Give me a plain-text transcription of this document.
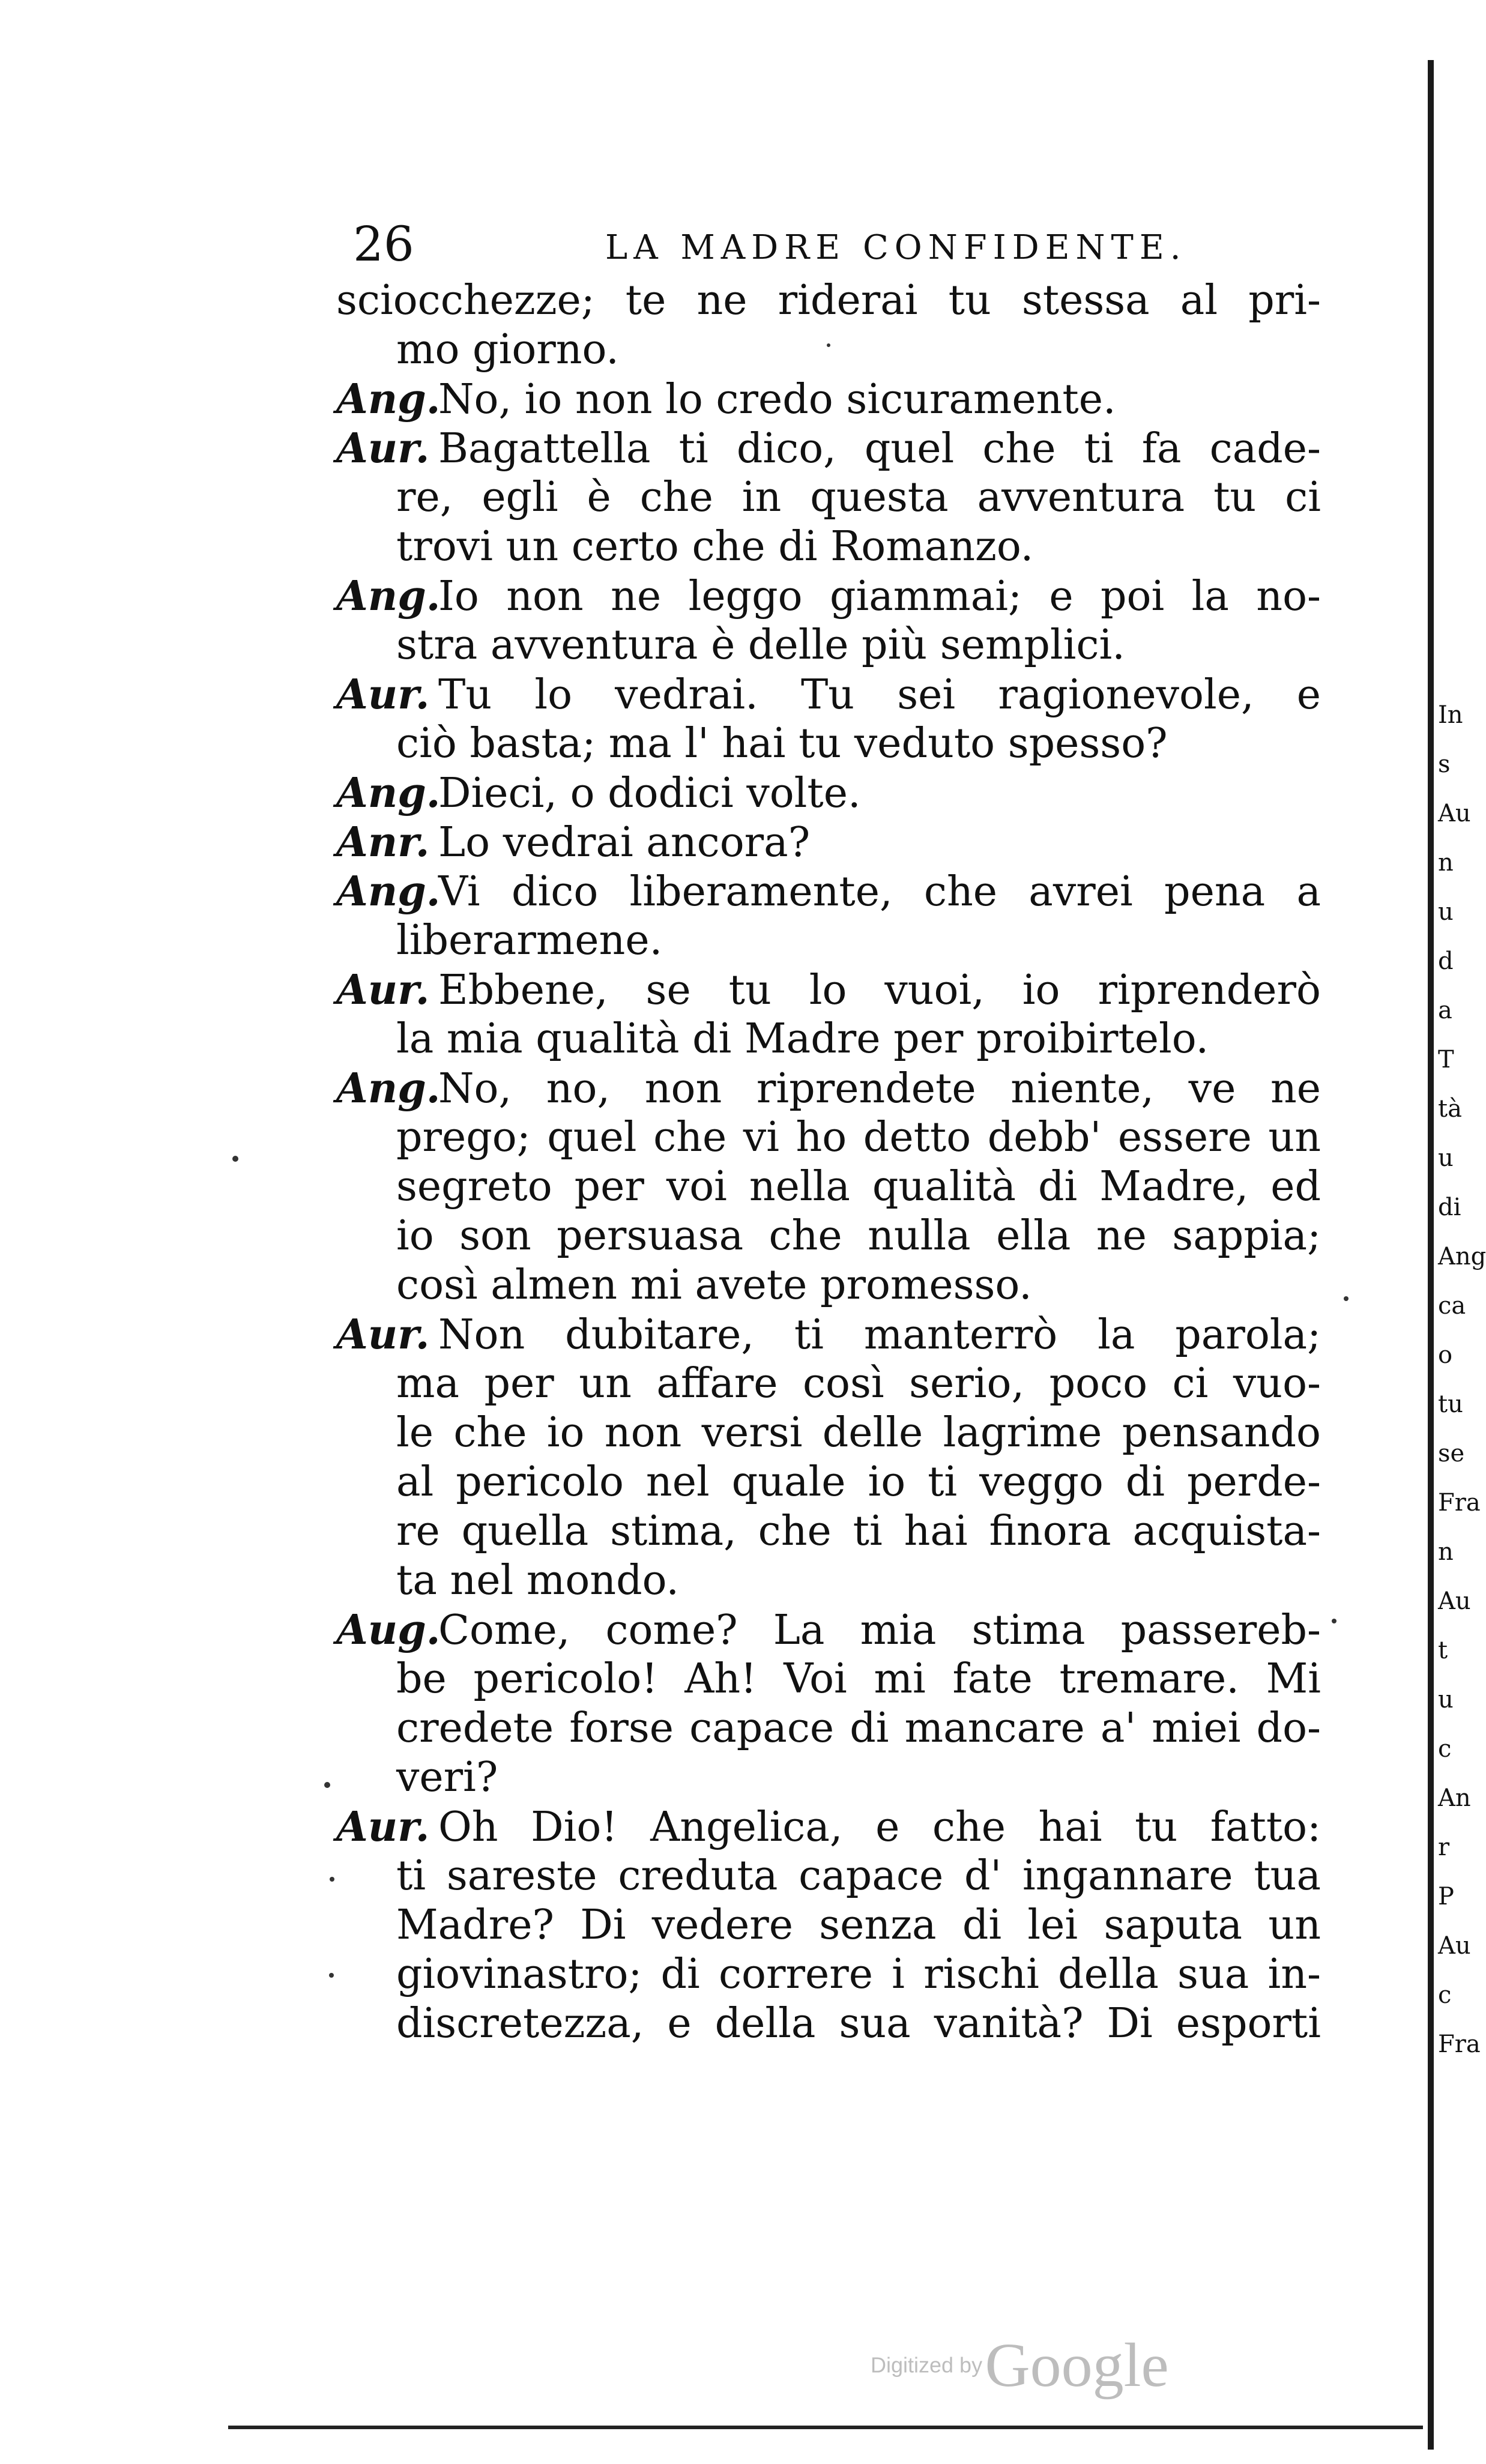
In
s
Au
n
u
d
a
T
tà
u
di
Ang
ca
o
tu
se
Fra
n
Au
t
u
c
An
r
P
Au
c
Fra
26	LA MADRE CONFIDENTE.
sciocchezze; te ne riderai tu stessa al pri-
mo giorno.
Ang.No, io non lo credo sicuramente.
Aur. Bagattella ti dico, quel che ti fa cade-
re, egli è che in questa avventura tu ci
trovi un certo che di Romanzo.
Ang.Io non ne leggo giammai; e poi la no-
stra avventura è delle più semplici.
Aur. Tu lo vedrai. Tu sei ragionevole, e
ciò basta; ma l' hai tu veduto spesso?
Ang.Dieci, o dodici volte.
Anr. Lo vedrai ancora?
Ang.Vi dico liberamente, che avrei pena a
liberarmene.
Aur. Ebbene, se tu lo vuoi, io riprenderò
la mia qualità di Madre per proibirtelo.
Ang.No, no, non riprendete niente, ve ne
prego; quel che vi ho detto debb' essere un
segreto per voi nella qualità di Madre, ed
io son persuasa che nulla ella ne sappia;
così almen mi avete promesso.
Aur. Non dubitare, ti manterrò la parola;
ma per un affare così serio, poco ci vuo-
le che io non versi delle lagrime pensando
al pericolo nel quale io ti veggo di perde-
re quella stima, che ti hai finora acquista-
ta nel mondo.
Aug.Come, come? La mia stima passereb-
be pericolo! Ah! Voi mi fate tremare. Mi
credete forse capace di mancare a' miei do-
veri?
Aur. Oh Dio! Angelica, e che hai tu fatto:
ti sareste creduta capace d' ingannare tua
Madre? Di vedere senza di lei saputa un
giovinastro; di correre i rischi della sua in-
discretezza, e della sua vanità? Di esporti
Digitized by Google
